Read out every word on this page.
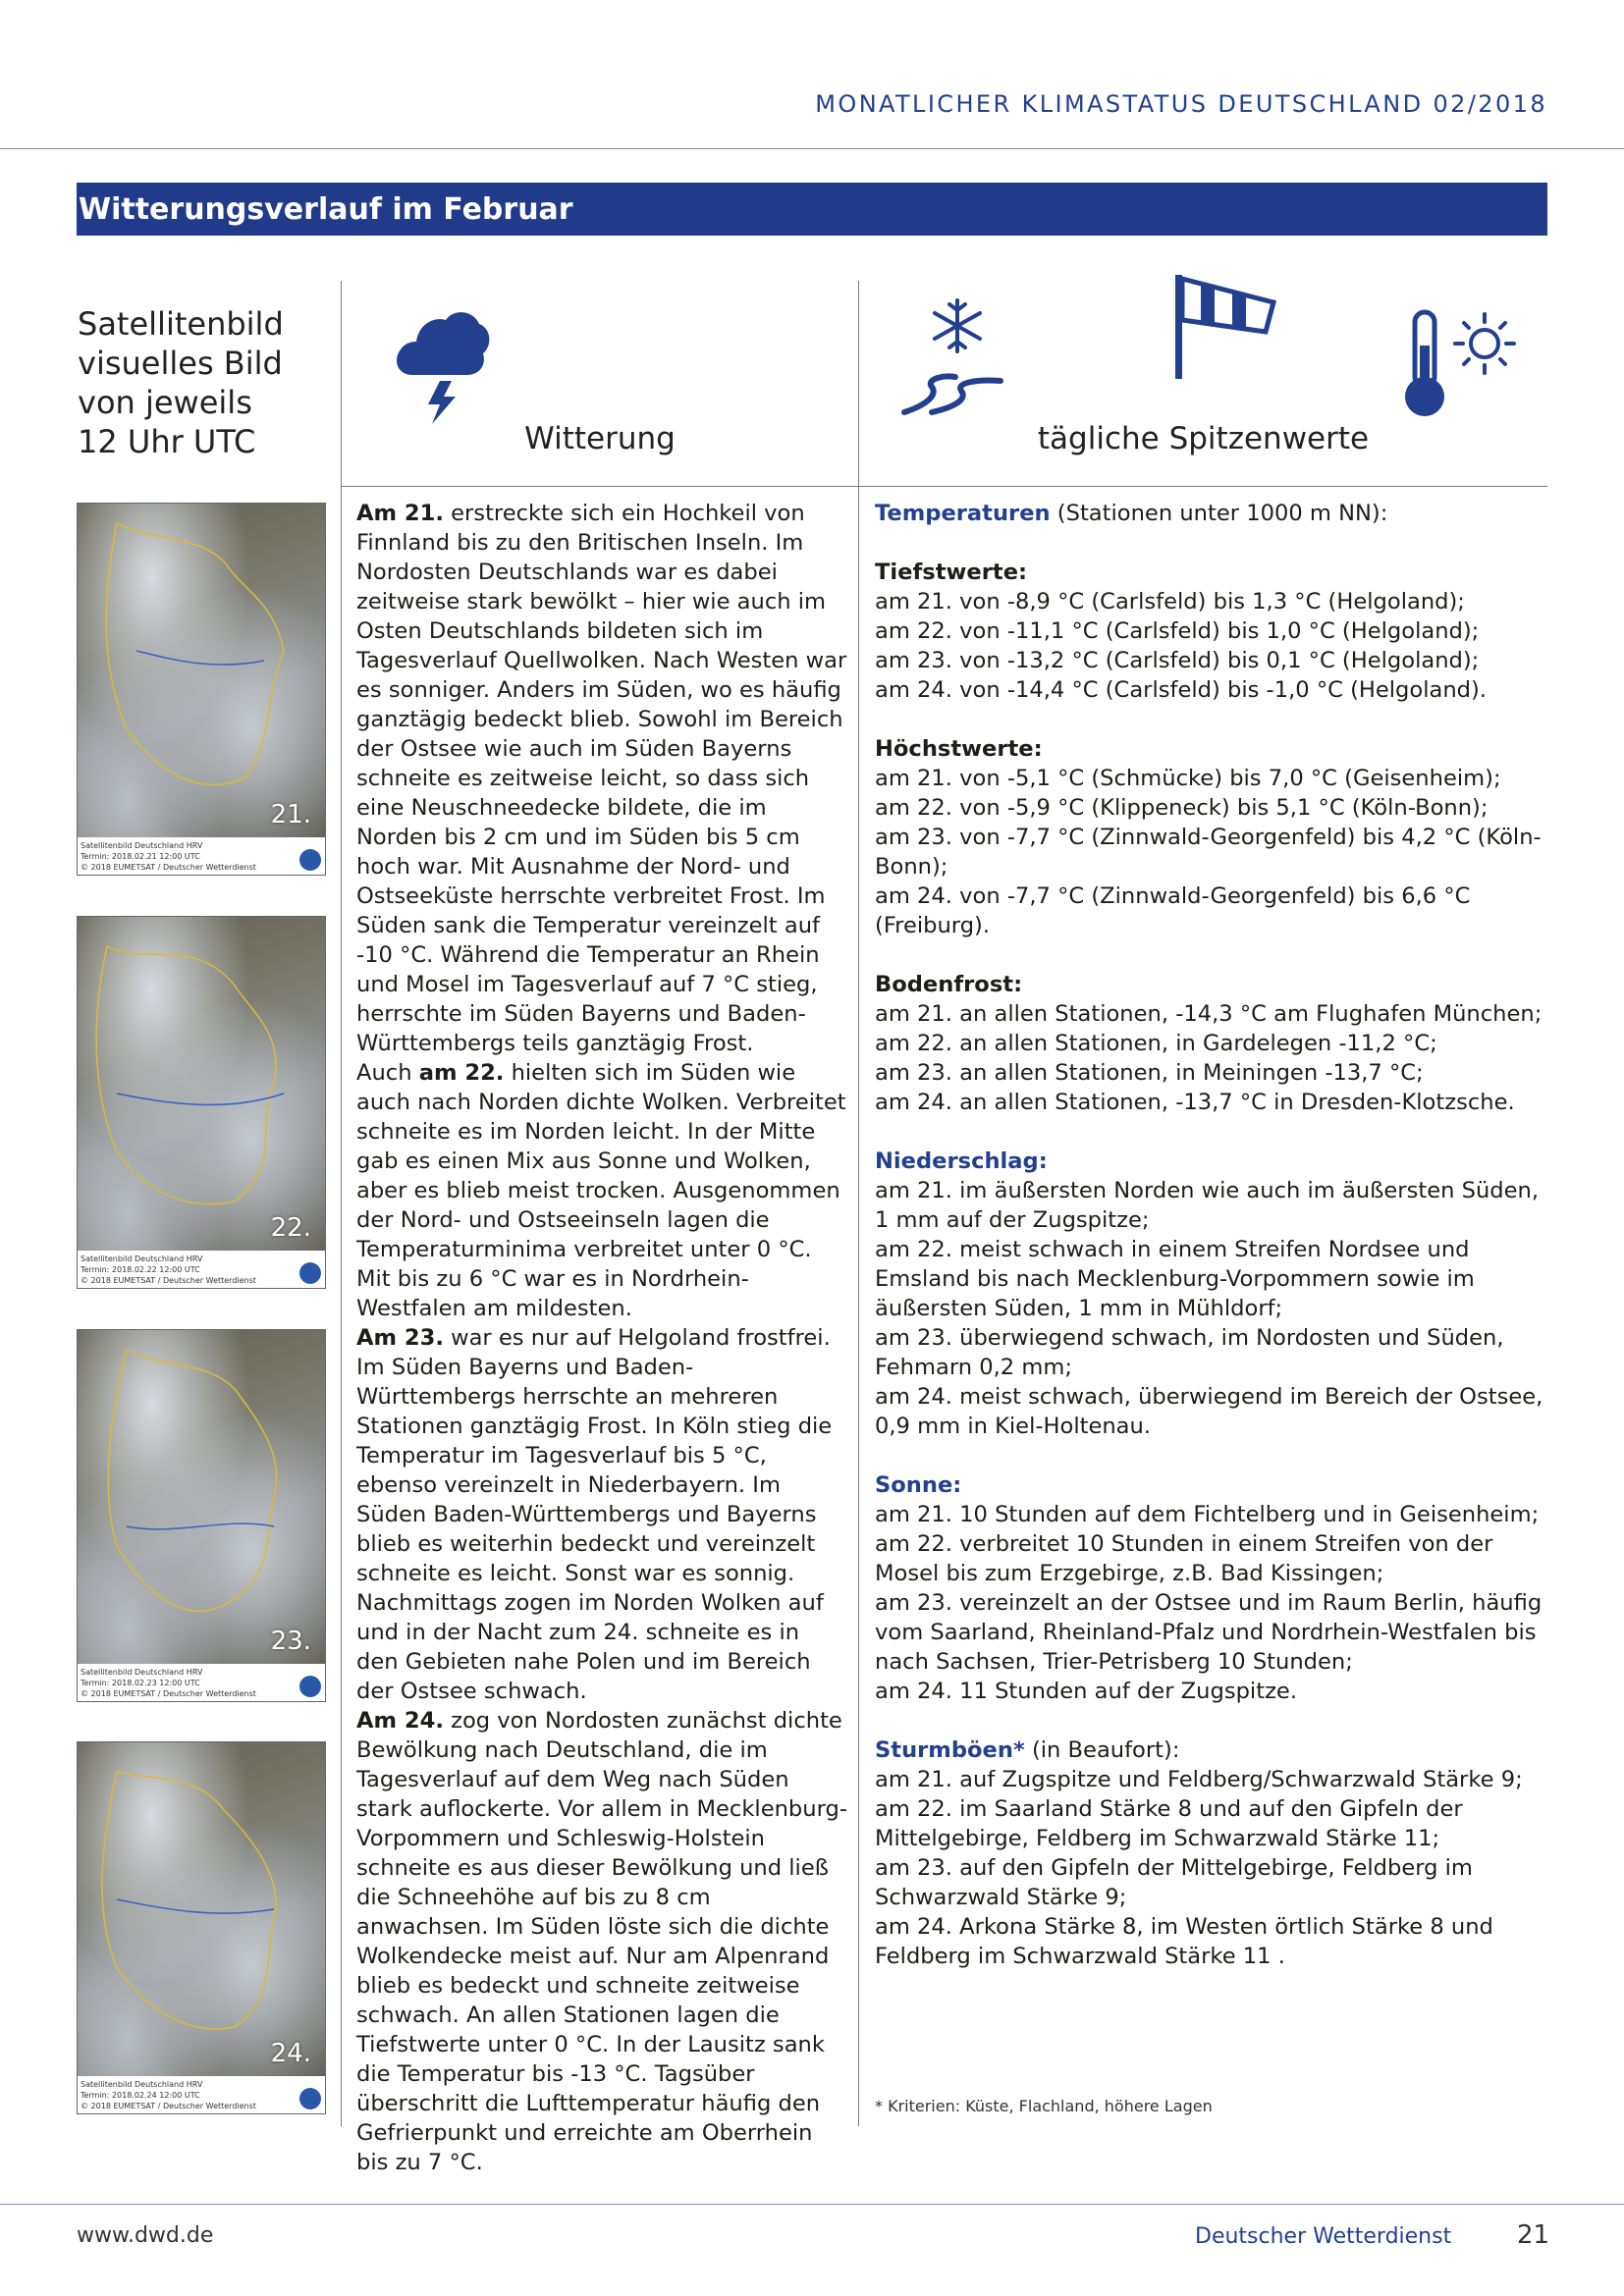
MONATLICHER KLIMASTATUS DEUTSCHLAND 02/2018
Witterungsverlauf im Februar
Satellitenbild
visuelles Bild
von jeweils
12 Uhr UTC	Witterung	tägliche Spitzenwerte
21.
Satellitenbild Deutschland HRV
Termin: 2018.02.21 12:00 UTC
© 2018 EUMETSAT / Deutscher Wetterdienst
22.
Satellitenbild Deutschland HRV
Termin: 2018.02.22 12:00 UTC
© 2018 EUMETSAT / Deutscher Wetterdienst
23.
Satellitenbild Deutschland HRV
Termin: 2018.02.23 12:00 UTC
© 2018 EUMETSAT / Deutscher Wetterdienst
24.
Satellitenbild Deutschland HRV
Termin: 2018.02.24 12:00 UTC
© 2018 EUMETSAT / Deutscher Wetterdienst

Am 21. erstreckte sich ein Hochkeil von Finnland bis zu den Britischen Inseln. Im Nordosten Deutschlands war es dabei zeitweise stark bewölkt – hier wie auch im Osten Deutschlands bildeten sich im Tagesverlauf Quellwolken. Nach Westen war es sonniger. Anders im Süden, wo es häufig ganztägig bedeckt blieb. Sowohl im Bereich der Ostsee wie auch im Süden Bayerns schneite es zeitweise leicht, so dass sich eine Neuschneedecke bildete, die im Norden bis 2 cm und im Süden bis 5 cm hoch war. Mit Ausnahme der Nord- und Ostseeküste herrschte verbreitet Frost. Im Süden sank die Temperatur vereinzelt auf -10 °C. Während die Temperatur an Rhein und Mosel im Tagesverlauf auf 7 °C stieg, herrschte im Süden Bayerns und Baden-Württembergs teils ganztägig Frost.

Auch am 22. hielten sich im Süden wie auch nach Norden dichte Wolken. Verbreitet schneite es im Norden leicht. In der Mitte gab es einen Mix aus Sonne und Wolken, aber es blieb meist trocken. Ausgenommen der Nord- und Ostseeinseln lagen die Temperaturminima verbreitet unter 0 °C. Mit bis zu 6 °C war es in Nordrhein-Westfalen am mildesten.

Am 23. war es nur auf Helgoland frostfrei. Im Süden Bayerns und Baden-Württembergs herrschte an mehreren Stationen ganztägig Frost. In Köln stieg die Temperatur im Tagesverlauf bis 5 °C, ebenso vereinzelt in Niederbayern. Im Süden Baden-Württembergs und Bayerns blieb es weiterhin bedeckt und vereinzelt schneite es leicht. Sonst war es sonnig. Nachmittags zogen im Norden Wolken auf und in der Nacht zum 24. schneite es in den Gebieten nahe Polen und im Bereich der Ostsee schwach.

Am 24. zog von Nordosten zunächst dichte Bewölkung nach Deutschland, die im Tagesverlauf auf dem Weg nach Süden stark auflockerte. Vor allem in Mecklenburg-Vorpommern und Schleswig-Holstein schneite es aus dieser Bewölkung und ließ die Schneehöhe auf bis zu 8 cm anwachsen. Im Süden löste sich die dichte Wolkendecke meist auf. Nur am Alpenrand blieb es bedeckt und schneite zeitweise schwach. An allen Stationen lagen die Tiefstwerte unter 0 °C. In der Lausitz sank die Temperatur bis -13 °C. Tagsüber überschritt die Lufttemperatur häufig den Gefrierpunkt und erreichte am Oberrhein bis zu 7 °C.

Temperaturen (Stationen unter 1000 m NN):

Tiefstwerte:

am 21. von -8,9 °C (Carlsfeld) bis 1,3 °C (Helgoland);

am 22. von -11,1 °C (Carlsfeld) bis 1,0 °C (Helgoland);

am 23. von -13,2 °C (Carlsfeld) bis 0,1 °C (Helgoland);

am 24. von -14,4 °C (Carlsfeld) bis -1,0 °C (Helgoland).

Höchstwerte:

am 21. von -5,1 °C (Schmücke) bis 7,0 °C (Geisenheim);

am 22. von -5,9 °C (Klippeneck) bis 5,1 °C (Köln-Bonn);

am 23. von -7,7 °C (Zinnwald-Georgenfeld) bis 4,2 °C (Köln-Bonn);

am 24. von -7,7 °C (Zinnwald-Georgenfeld) bis 6,6 °C (Freiburg).

Bodenfrost:

am 21. an allen Stationen, -14,3 °C am Flughafen München;

am 22. an allen Stationen, in Gardelegen -11,2 °C;

am 23. an allen Stationen, in Meiningen -13,7 °C;

am 24. an allen Stationen, -13,7 °C in Dresden-Klotzsche.

Niederschlag:

am 21. im äußersten Norden wie auch im äußersten Süden, 1 mm auf der Zugspitze;

am 22. meist schwach in einem Streifen Nordsee und Emsland bis nach Mecklenburg-Vorpommern sowie im äußersten Süden, 1 mm in Mühldorf;

am 23. überwiegend schwach, im Nordosten und Süden, Fehmarn 0,2 mm;

am 24. meist schwach, überwiegend im Bereich der Ostsee, 0,9 mm in Kiel-Holtenau.

Sonne:

am 21. 10 Stunden auf dem Fichtelberg und in Geisenheim;

am 22. verbreitet 10 Stunden in einem Streifen von der Mosel bis zum Erzgebirge, z.B. Bad Kissingen;

am 23. vereinzelt an der Ostsee und im Raum Berlin, häufig vom Saarland, Rheinland-Pfalz und Nordrhein-Westfalen bis nach Sachsen, Trier-Petrisberg 10 Stunden;

am 24. 11 Stunden auf der Zugspitze.

Sturmböen* (in Beaufort):

am 21. auf Zugspitze und Feldberg/Schwarzwald Stärke 9;

am 22. im Saarland Stärke 8 und auf den Gipfeln der Mittelgebirge, Feldberg im Schwarzwald Stärke 11;

am 23. auf den Gipfeln der Mittelgebirge, Feldberg im Schwarzwald Stärke 9;

am 24. Arkona Stärke 8, im Westen örtlich Stärke 8 und Feldberg im Schwarzwald Stärke 11 .

* Kriterien: Küste, Flachland, höhere Lagen
www.dwd.de	Deutscher Wetterdienst	21
